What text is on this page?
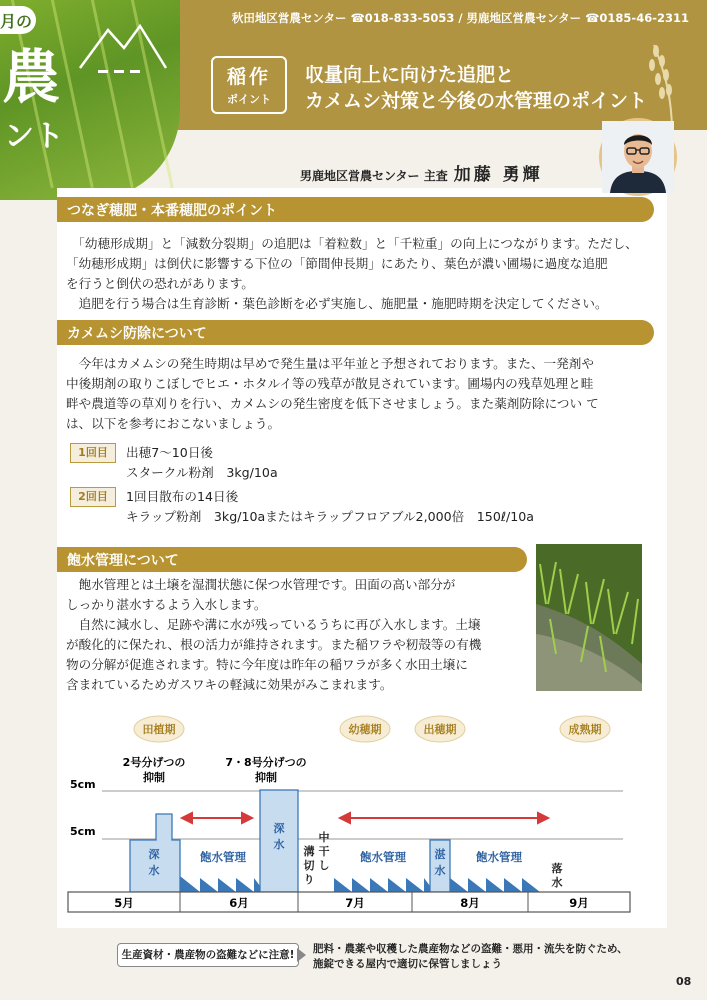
月の
農
ント
秋田地区営農センター ☎018-833-5053 / 男鹿地区営農センター ☎0185-46-2311
稲作
ポイント
収量向上に向けた追肥と
カメムシ対策と今後の水管理のポイント
男鹿地区営農センター 主査 加藤 勇輝
つなぎ穂肥・本番穂肥のポイント
　「幼穂形成期」と「減数分裂期」の追肥は「着粒数」と「千粒重」の向上につながります。ただし、
「幼穂形成期」は倒伏に影響する下位の「節間伸長期」にあたり、葉色が濃い圃場に過度な追肥
を行うと倒伏の恐れがあります。
　追肥を行う場合は生育診断・葉色診断を必ず実施し、施肥量・施肥時期を決定してください。
カメムシ防除について
　今年はカメムシの発生時期は早めで発生量は平年並と予想されております。また、一発剤や
中後期剤の取りこぼしでヒエ・ホタルイ等の残草が散見されています。圃場内の残草処理と畦
畔や農道等の草刈りを行い、カメムシの発生密度を低下させましょう。また薬剤防除につい て
は、以下を参考におこないましょう。
1回目	出穂7～10日後
スタークル粉剤　3kg/10a
2回目	1回目散布の14日後
キラップ粉剤　3kg/10aまたはキラップフロアブル2,000倍　150ℓ/10a
飽水管理について
　飽水管理とは土壌を湿潤状態に保つ水管理です。田面の高い部分が
しっかり湛水するよう入水します。
　自然に減水し、足跡や溝に水が残っているうちに再び入水します。土壌
が酸化的に保たれ、根の活力が維持されます。また稲ワラや籾殻等の有機
物の分解が促進されます。特に今年度は昨年の稲ワラが多く水田土壌に
含まれているためガスワキの軽減に効果がみこまれます。
田植期	幼穂期	出穂期	成熟期
2号分げつの
抑制
7・8号分げつの
抑制
5cm
5cm
深
水
深
水
湛
水
飽水管理	飽水管理	飽水管理
溝
切
り
中
干
し	落
水
5月	6月	7月	8月	9月
生産資材・農産物の盗難などに注意!	肥料・農薬や収穫した農産物などの盗難・悪用・流失を防ぐため、
施錠できる屋内で適切に保管しましょう
08
